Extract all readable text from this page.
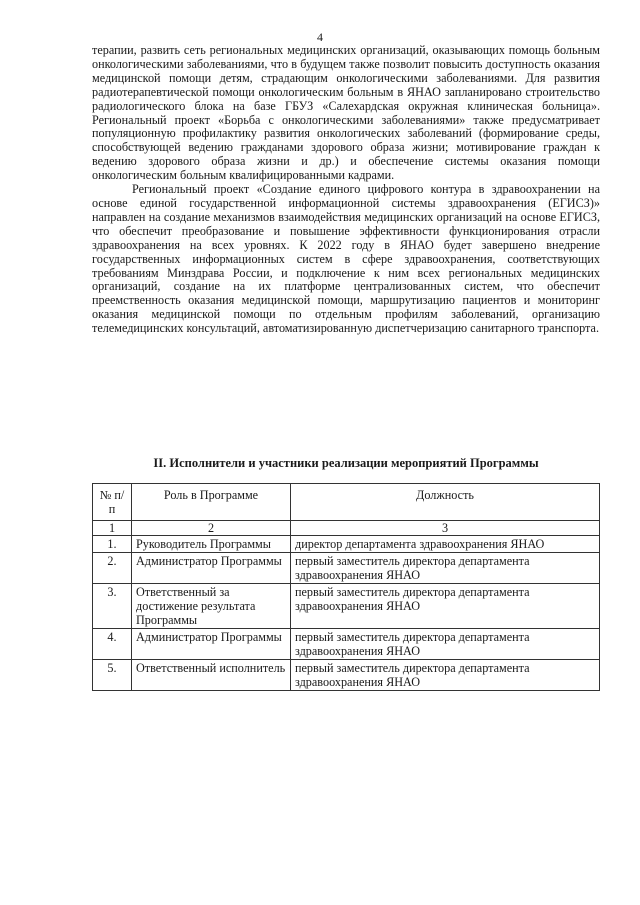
4

терапии, развить сеть региональных медицинских организаций, оказывающих помощь больным онкологическими заболеваниями, что в будущем также позволит повысить доступность оказания медицинской помощи детям, страдающим онкологическими заболеваниями. Для развития радиотерапевтической помощи онкологическим больным в ЯНАО запланировано строительство радиологического блока на базе ГБУЗ «Салехардская окружная клиническая больница». Региональный проект «Борьба с онкологическими заболеваниями» также предусматривает популяционную профилактику развития онкологических заболеваний (формирование среды, способствующей ведению гражданами здорового образа жизни; мотивирование граждан к ведению здорового образа жизни и др.) и обеспечение системы оказания помощи онкологическим больным квалифицированными кадрами.

Региональный проект «Создание единого цифрового контура в здравоохранении на основе единой государственной информационной системы здравоохранения (ЕГИСЗ)» направлен на создание механизмов взаимодействия медицинских организаций на основе ЕГИСЗ, что обеспечит преобразование и повышение эффективности функционирования отрасли здравоохранения на всех уровнях. К 2022 году в ЯНАО будет завершено внедрение государственных информационных систем в сфере здравоохранения, соответствующих требованиям Минздрава России, и подключение к ним всех региональных медицинских организаций, создание на их платформе централизованных систем, что обеспечит преемственность оказания медицинской помощи, маршрутизацию пациентов и мониторинг оказания медицинской помощи по отдельным профилям заболеваний, организацию телемедицинских консультаций, автоматизированную диспетчеризацию санитарного транспорта.

II. Исполнители и участники реализации мероприятий Программы
№ п/п	Роль в Программе	Должность
1	2	3
1.	Руководитель Программы	директор департамента здравоохранения ЯНАО
2.	Администратор Программы	первый заместитель директора департамента здравоохранения ЯНАО
3.	Ответственный за достижение результата Программы	первый заместитель директора департамента здравоохранения ЯНАО
4.	Администратор Программы	первый заместитель директора департамента здравоохранения ЯНАО
5.	Ответственный исполнитель	первый заместитель директора департамента здравоохранения ЯНАО
